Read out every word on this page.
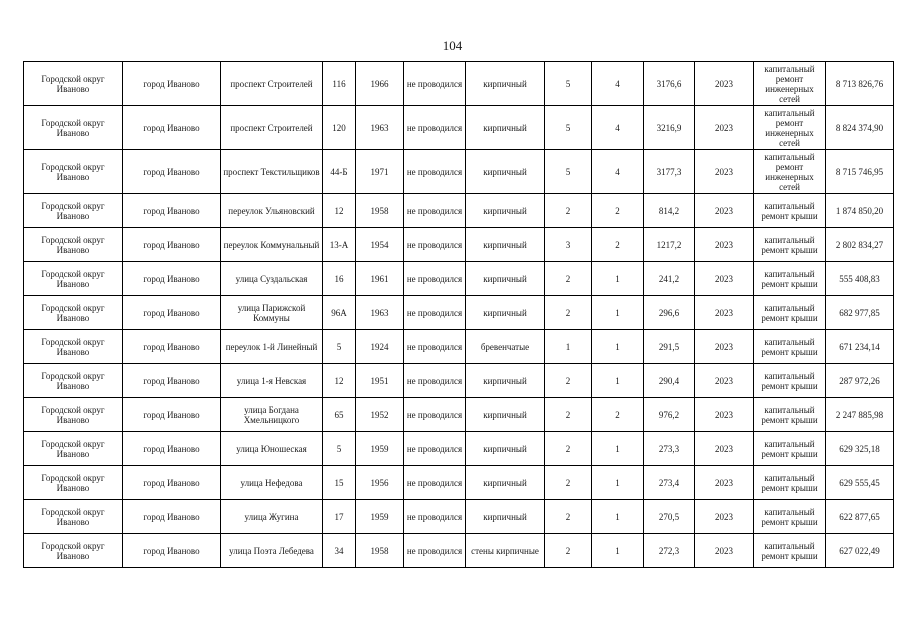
104
Городской округ Иваново	город Иваново	проспект Строителей	116	1966	не проводился	кирпичный	5	4	3176,6	2023	капитальный ремонт инженерных сетей	8 713 826,76
Городской округ Иваново	город Иваново	проспект Строителей	120	1963	не проводился	кирпичный	5	4	3216,9	2023	капитальный ремонт инженерных сетей	8 824 374,90
Городской округ Иваново	город Иваново	проспект Текстильщиков	44-Б	1971	не проводился	кирпичный	5	4	3177,3	2023	капитальный ремонт инженерных сетей	8 715 746,95
Городской округ Иваново	город Иваново	переулок Ульяновский	12	1958	не проводился	кирпичный	2	2	814,2	2023	капитальный ремонт крыши	1 874 850,20
Городской округ Иваново	город Иваново	переулок Коммунальный	13-А	1954	не проводился	кирпичный	3	2	1217,2	2023	капитальный ремонт крыши	2 802 834,27
Городской округ Иваново	город Иваново	улица Суздальская	16	1961	не проводился	кирпичный	2	1	241,2	2023	капитальный ремонт крыши	555 408,83
Городской округ Иваново	город Иваново	улица Парижской Коммуны	96А	1963	не проводился	кирпичный	2	1	296,6	2023	капитальный ремонт крыши	682 977,85
Городской округ Иваново	город Иваново	переулок 1-й Линейный	5	1924	не проводился	бревенчатые	1	1	291,5	2023	капитальный ремонт крыши	671 234,14
Городской округ Иваново	город Иваново	улица 1-я Невская	12	1951	не проводился	кирпичный	2	1	290,4	2023	капитальный ремонт крыши	287 972,26
Городской округ Иваново	город Иваново	улица Богдана Хмельницкого	65	1952	не проводился	кирпичный	2	2	976,2	2023	капитальный ремонт крыши	2 247 885,98
Городской округ Иваново	город Иваново	улица Юношеская	5	1959	не проводился	кирпичный	2	1	273,3	2023	капитальный ремонт крыши	629 325,18
Городской округ Иваново	город Иваново	улица Нефедова	15	1956	не проводился	кирпичный	2	1	273,4	2023	капитальный ремонт крыши	629 555,45
Городской округ Иваново	город Иваново	улица Жугина	17	1959	не проводился	кирпичный	2	1	270,5	2023	капитальный ремонт крыши	622 877,65
Городской округ Иваново	город Иваново	улица Поэта Лебедева	34	1958	не проводился	стены кирпичные	2	1	272,3	2023	капитальный ремонт крыши	627 022,49
